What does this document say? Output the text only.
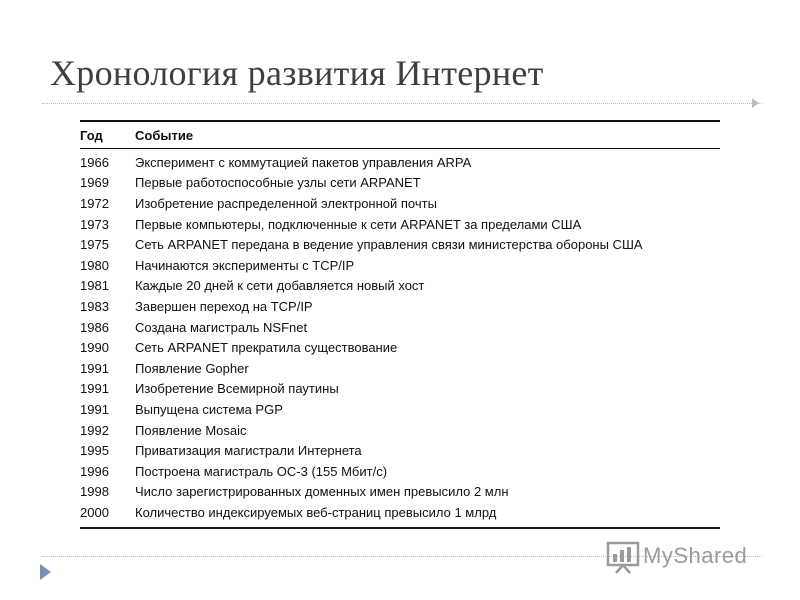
Хронология развития Интернет
Год	Событие
1966	Эксперимент с коммутацией пакетов управления ARPA
1969	Первые работоспособные узлы сети ARPANET
1972	Изобретение распределенной электронной почты
1973	Первые компьютеры, подключенные к сети ARPANET за пределами США
1975	Сеть ARPANET передана в ведение управления связи министерства обороны США
1980	Начинаются эксперименты с TCP/IP
1981	Каждые 20 дней к сети добавляется новый хост
1983	Завершен переход на TCP/IP
1986	Создана магистраль NSFnet
1990	Сеть ARPANET прекратила существование
1991	Появление Gopher
1991	Изобретение Всемирной паутины
1991	Выпущена система PGP
1992	Появление Mosaic
1995	Приватизация магистрали Интернета
1996	Построена магистраль OC-3 (155 Мбит/с)
1998	Число зарегистрированных доменных имен превысило 2 млн
2000	Количество индексируемых веб-страниц превысило 1 млрд
MyShared
